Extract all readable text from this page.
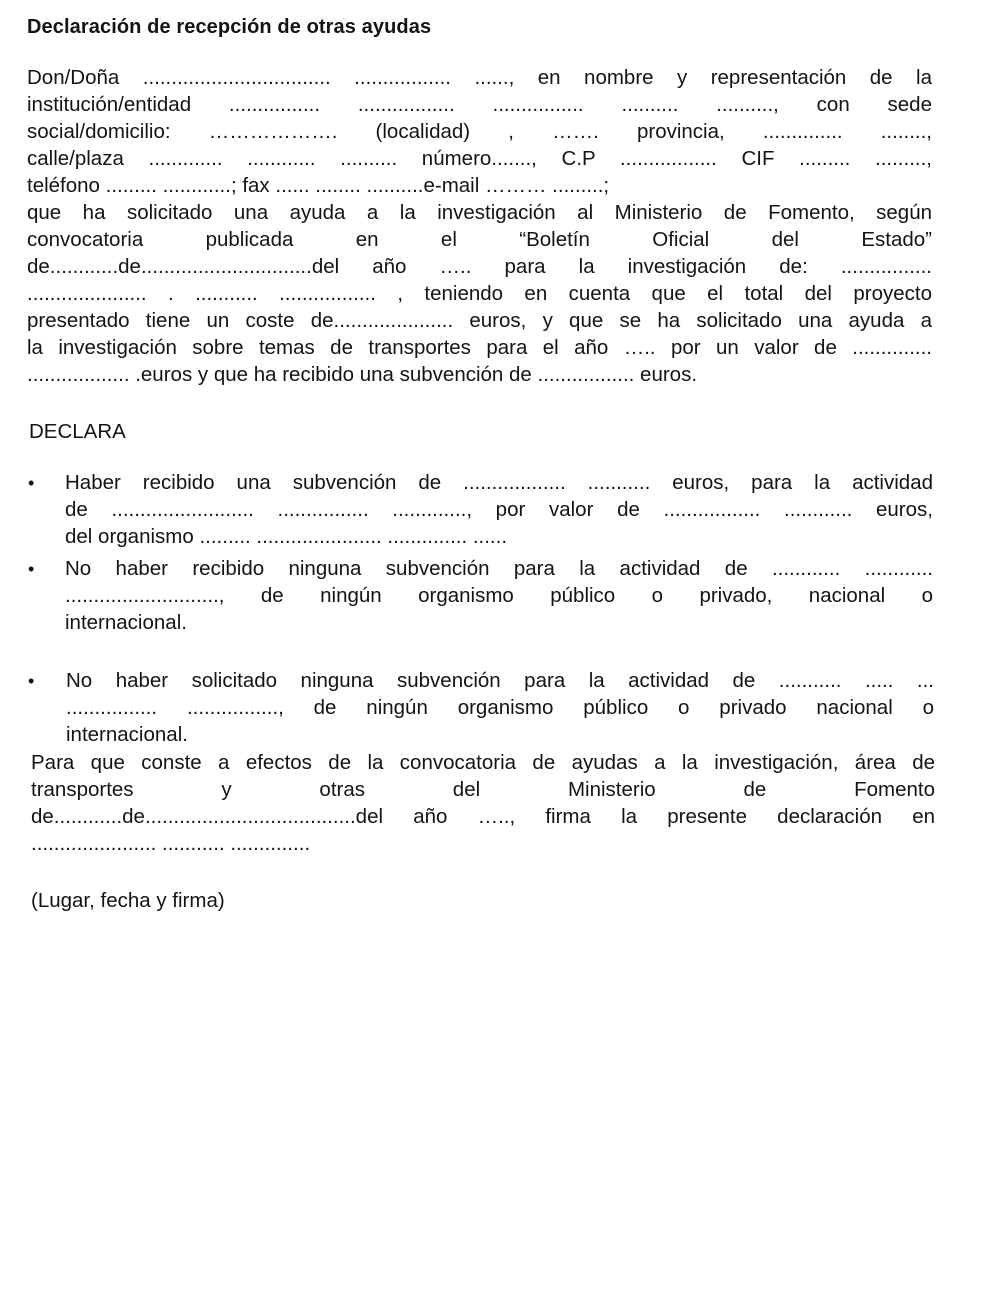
Declaración de recepción de otras ayudas
Don/Doña ................................. ................. ......, en nombre y representación de la
institución/entidad ................ ................. ................ .......... .........., con sede
social/domicilio: ………………. (localidad) , ……. provincia, .............. ........,
calle/plaza ............. ............ .......... número......., C.P ................. CIF ......... .........,
teléfono ......... ............; fax ...... ........ ..........e-mail ……… .........;
que ha solicitado una ayuda a la investigación al Ministerio de Fomento, según
convocatoria publicada en el “Boletín Oficial del Estado”
de............de..............................del año ….. para la investigación de: ................
..................... . ........... ................. , teniendo en cuenta que el total del proyecto
presentado tiene un coste de..................... euros, y que se ha solicitado una ayuda a
la investigación sobre temas de transportes para el año ….. por un valor de ..............
.................. .euros y que ha recibido una subvención de ................. euros.
DECLARA
• Haber recibido una subvención de .................. ........... euros, para la actividad
de ......................... ................ ............., por valor de ................. ............ euros,
del organismo ......... ...................... .............. ......
• No haber recibido ninguna subvención para la actividad de ............ ............
..........................., de ningún organismo público o privado, nacional o
internacional.
• No haber solicitado ninguna subvención para la actividad de ........... ..... ...
................ ................, de ningún organismo público o privado nacional o
internacional.
Para que conste a efectos de la convocatoria de ayudas a la investigación, área de
transportes y otras del Ministerio de Fomento
de............de.....................................del año ….., firma la presente declaración en
...................... ........... ..............
(Lugar, fecha y firma)
